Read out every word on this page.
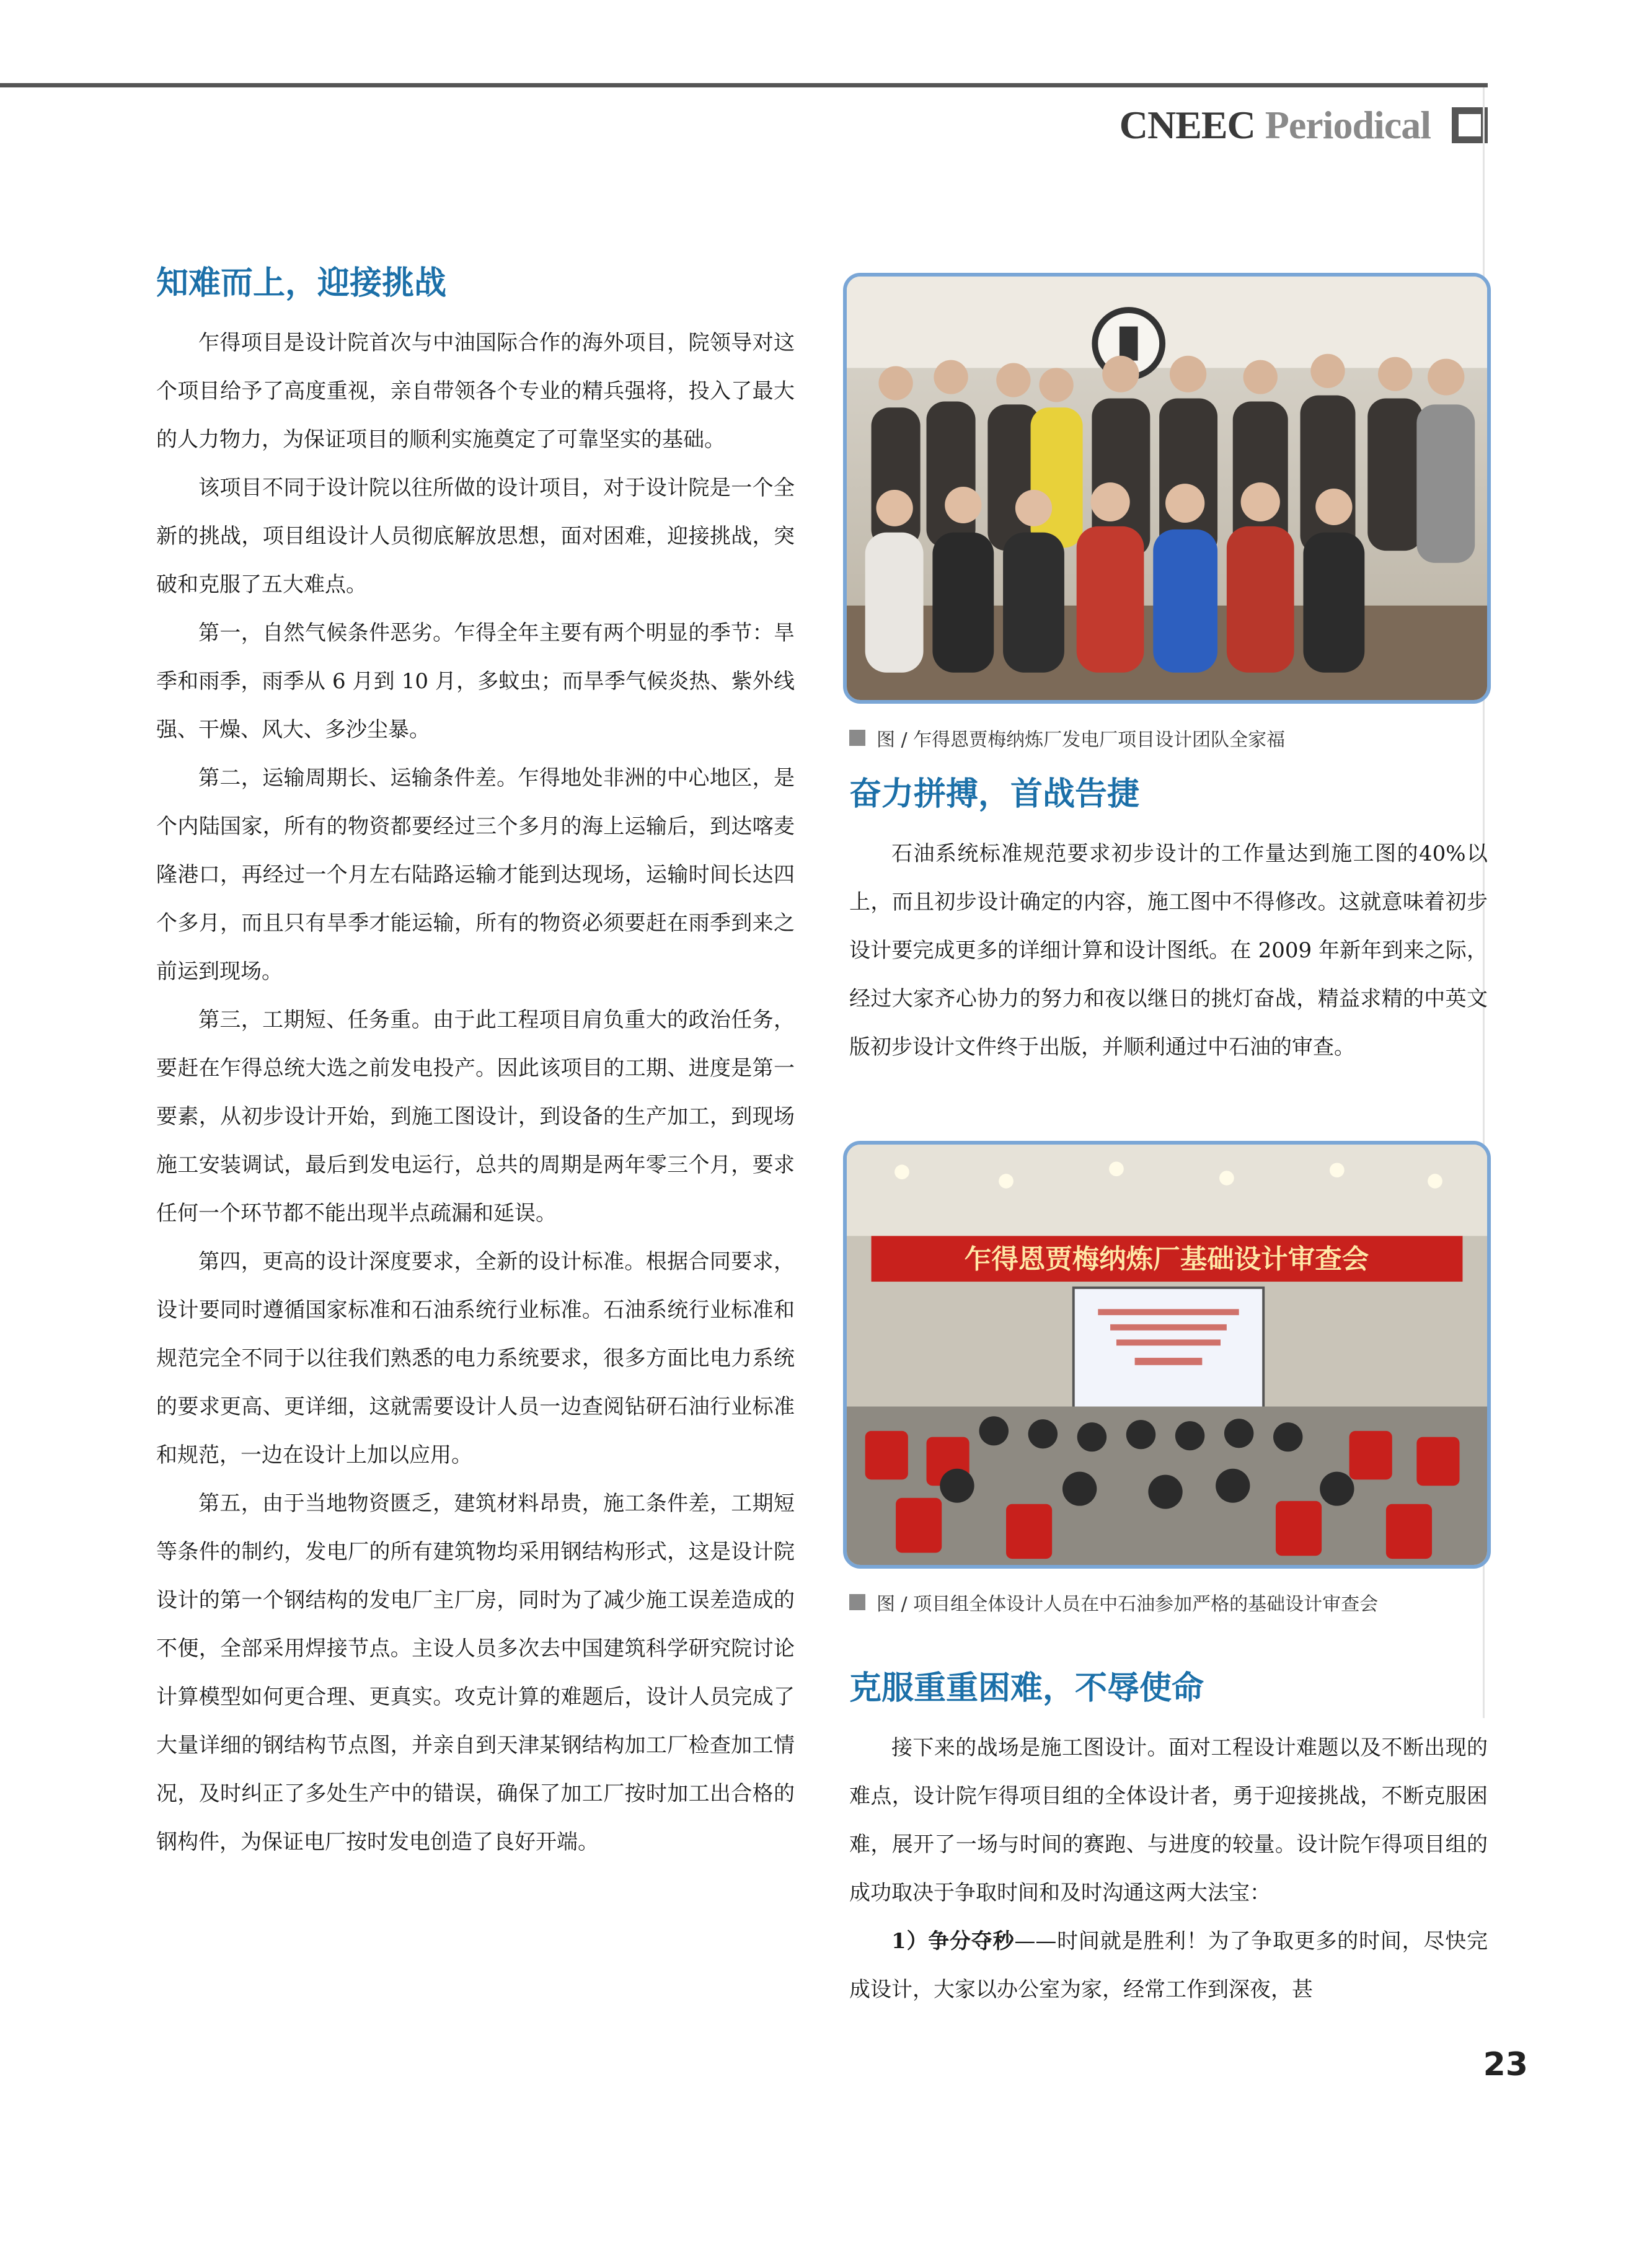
CNEEC Periodical
知难而上，迎接挑战

乍得项目是设计院首次与中油国际合作的海外项目，院领导对这个项目给予了高度重视，亲自带领各个专业的精兵强将，投入了最大的人力物力，为保证项目的顺利实施奠定了可靠坚实的基础。

该项目不同于设计院以往所做的设计项目，对于设计院是一个全新的挑战，项目组设计人员彻底解放思想，面对困难，迎接挑战，突破和克服了五大难点。

第一，自然气候条件恶劣。乍得全年主要有两个明显的季节：旱季和雨季，雨季从 6 月到 10 月，多蚊虫；而旱季气候炎热、紫外线强、干燥、风大、多沙尘暴。

第二，运输周期长、运输条件差。乍得地处非洲的中心地区，是个内陆国家，所有的物资都要经过三个多月的海上运输后，到达喀麦隆港口，再经过一个月左右陆路运输才能到达现场，运输时间长达四个多月，而且只有旱季才能运输，所有的物资必须要赶在雨季到来之前运到现场。

第三，工期短、任务重。由于此工程项目肩负重大的政治任务，要赶在乍得总统大选之前发电投产。因此该项目的工期、进度是第一要素，从初步设计开始，到施工图设计，到设备的生产加工，到现场施工安装调试，最后到发电运行，总共的周期是两年零三个月，要求任何一个环节都不能出现半点疏漏和延误。

第四，更高的设计深度要求，全新的设计标准。根据合同要求，设计要同时遵循国家标准和石油系统行业标准。石油系统行业标准和规范完全不同于以往我们熟悉的电力系统要求，很多方面比电力系统的要求更高、更详细，这就需要设计人员一边查阅钻研石油行业标准和规范，一边在设计上加以应用。

第五，由于当地物资匮乏，建筑材料昂贵，施工条件差，工期短等条件的制约，发电厂的所有建筑物均采用钢结构形式，这是设计院设计的第一个钢结构的发电厂主厂房，同时为了减少施工误差造成的不便，全部采用焊接节点。主设人员多次去中国建筑科学研究院讨论计算模型如何更合理、更真实。攻克计算的难题后，设计人员完成了大量详细的钢结构节点图，并亲自到天津某钢结构加工厂检查加工情况，及时纠正了多处生产中的错误，确保了加工厂按时加工出合格的钢构件，为保证电厂按时发电创造了良好开端。

图 / 乍得恩贾梅纳炼厂发电厂项目设计团队全家福
奋力拼搏，首战告捷

石油系统标准规范要求初步设计的工作量达到施工图的40%以上，而且初步设计确定的内容，施工图中不得修改。这就意味着初步设计要完成更多的详细计算和设计图纸。在 2009 年新年到来之际，经过大家齐心协力的努力和夜以继日的挑灯奋战，精益求精的中英文版初步设计文件终于出版，并顺利通过中石油的审查。

乍得恩贾梅纳炼厂基础设计审查会
图 / 项目组全体设计人员在中石油参加严格的基础设计审查会
克服重重困难，不辱使命

接下来的战场是施工图设计。面对工程设计难题以及不断出现的难点，设计院乍得项目组的全体设计者，勇于迎接挑战，不断克服困难，展开了一场与时间的赛跑、与进度的较量。设计院乍得项目组的成功取决于争取时间和及时沟通这两大法宝：

1）争分夺秒——时间就是胜利！为了争取更多的时间，尽快完成设计，大家以办公室为家，经常工作到深夜，甚

23
